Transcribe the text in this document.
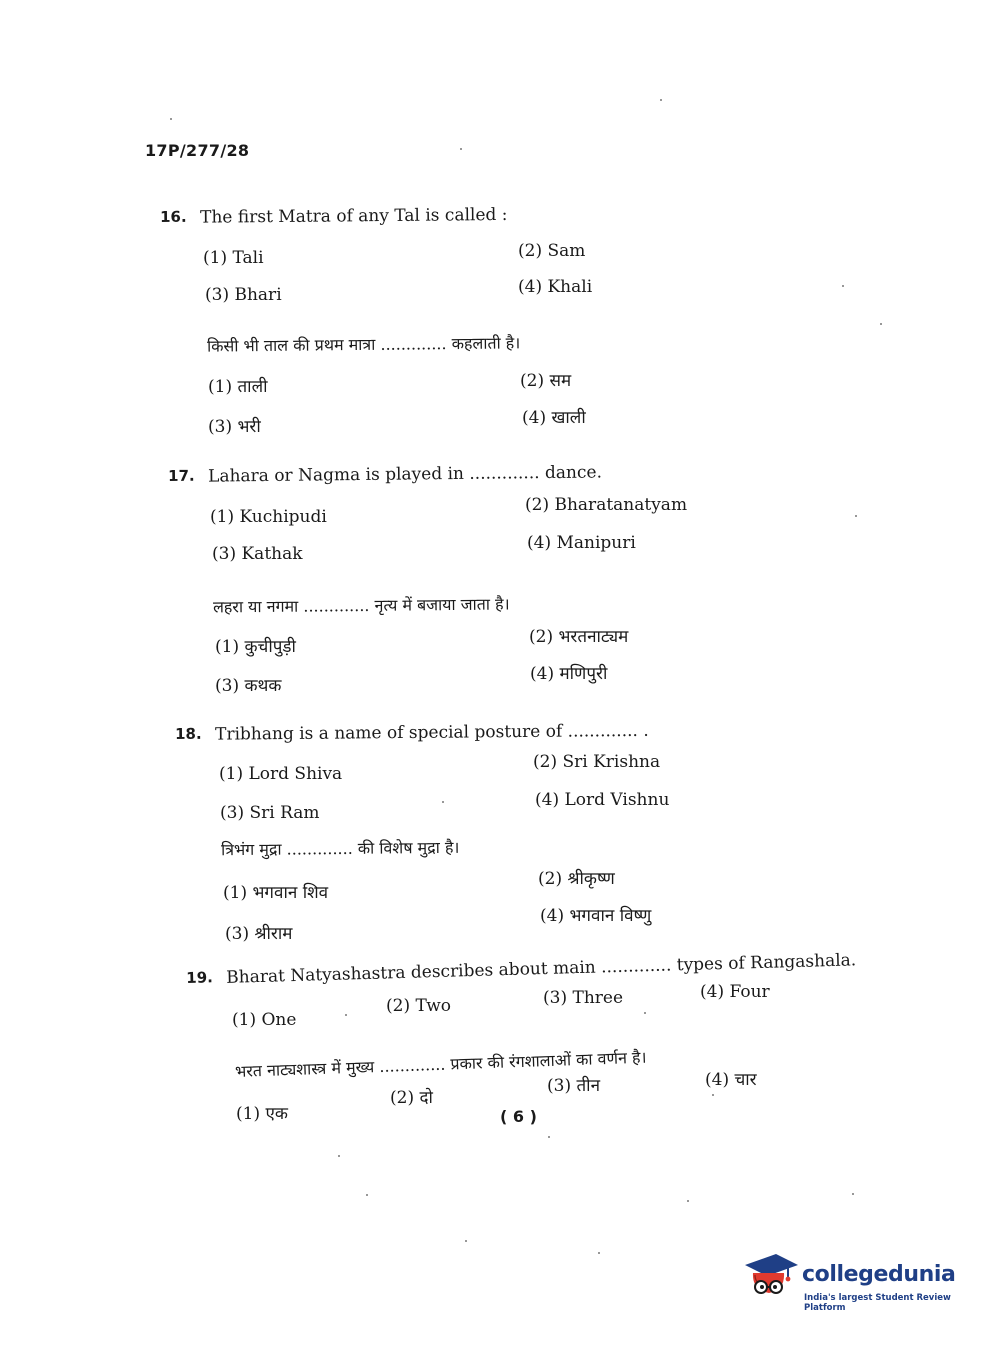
17P/277/28
16. The first Matra of any Tal is called :
(1) Tali	(2) Sam
(3) Bhari	(4) Khali
किसी भी ताल की प्रथम मात्रा ............. कहलाती है।
(1) ताली	(2) सम
(3) भरी	(4) खाली
17. Lahara or Nagma is played in ............. dance.
(1) Kuchipudi
(2) Bharatanatyam
(3) Kathak
(4) Manipuri
लहरा या नगमा ............. नृत्य में बजाया जाता है।
(1) कुचीपुड़ी	(2) भरतनाट्यम
(3) कथक
(4) मणिपुरी
18. Tribhang is a name of special posture of ............. .
(1) Lord Shiva
(2) Sri Krishna
(3) Sri Ram
(4) Lord Vishnu
त्रिभंग मुद्रा ............. की विशेष मुद्रा है।
(1) भगवान शिव
(2) श्रीकृष्ण
(3) श्रीराम
(4) भगवान विष्णु
19. Bharat Natyashastra describes about main ............. types of Rangashala.
(1) One
(2) Two	(3) Three	(4) Four
भरत नाट्यशास्त्र में मुख्य ............. प्रकार की रंगशालाओं का वर्णन है।
(1) एक
(2) दो
(3) तीन	(4) चार
( 6 )
collegedunia
India's largest Student Review Platform
